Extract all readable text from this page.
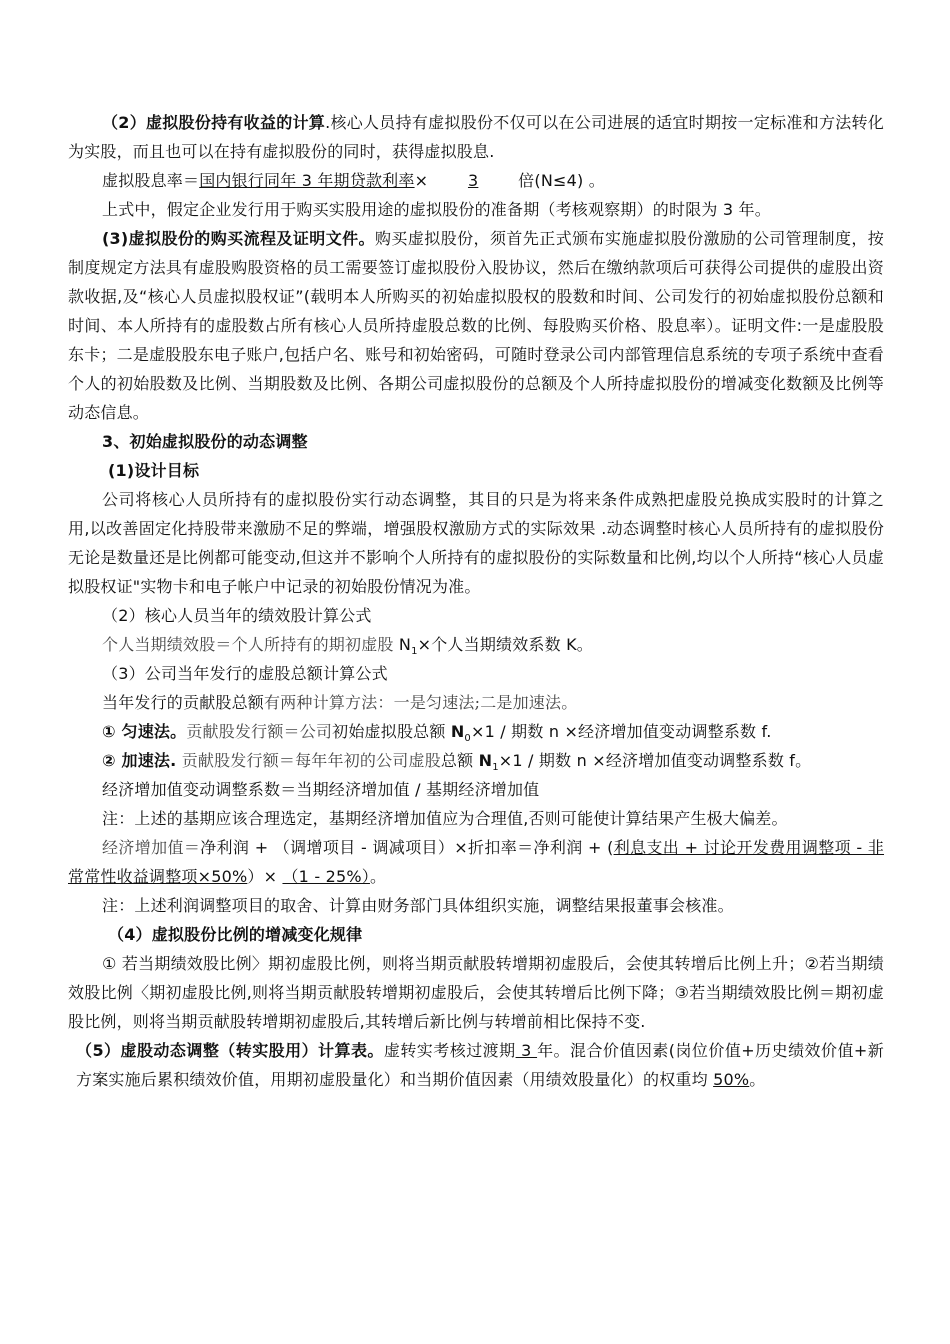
（2）虚拟股份持有收益的计算.核心人员持有虚拟股份不仅可以在公司进展的适宜时期按一定标准和方法转化为实股，而且也可以在持有虚拟股份的同时，获得虚拟股息.

虚拟股息率＝国内银行同年 3 年期贷款利率× 3 倍(N≤4) 。

上式中，假定企业发行用于购买实股用途的虚拟股份的准备期（考核观察期）的时限为 3 年。

(3)虚拟股份的购买流程及证明文件。购买虚拟股份，须首先正式颁布实施虚拟股份激励的公司管理制度，按制度规定方法具有虚股购股资格的员工需要签订虚拟股份入股协议，然后在缴纳款项后可获得公司提供的虚股出资款收据,及“核心人员虚拟股权证”(载明本人所购买的初始虚拟股权的股数和时间、公司发行的初始虚拟股份总额和时间、本人所持有的虚股数占所有核心人员所持虚股总数的比例、每股购买价格、股息率）。证明文件:一是虚股股东卡；二是虚股股东电子账户,包括户名、账号和初始密码，可随时登录公司内部管理信息系统的专项子系统中查看个人的初始股数及比例、当期股数及比例、各期公司虚拟股份的总额及个人所持虚拟股份的增减变化数额及比例等动态信息。

3、初始虚拟股份的动态调整

(1)设计目标

公司将核心人员所持有的虚拟股份实行动态调整，其目的只是为将来条件成熟把虚股兑换成实股时的计算之用,以改善固定化持股带来激励不足的弊端，增强股权激励方式的实际效果 .动态调整时核心人员所持有的虚拟股份无论是数量还是比例都可能变动,但这并不影响个人所持有的虚拟股份的实际数量和比例,均以个人所持“核心人员虚拟股权证"实物卡和电子帐户中记录的初始股份情况为准。

（2）核心人员当年的绩效股计算公式

个人当期绩效股＝个人所持有的期初虚股 $N_1\times$个人当期绩效系数 K。

（3）公司当年发行的虚股总额计算公式

当年发行的贡献股总额有两种计算方法：一是匀速法;二是加速法。

① 匀速法。贡献股发行额＝公司初始虚拟股总额 $N_0\times 1$ / 期数 n ×经济增加值变动调整系数 f.

② 加速法. 贡献股发行额＝每年年初的公司虚股总额 $N_1\times 1$ / 期数 n ×经济增加值变动调整系数 f。

经济增加值变动调整系数＝当期经济增加值 / 基期经济增加值

注：上述的基期应该合理选定，基期经济增加值应为合理值,否则可能使计算结果产生极大偏差。

经济增加值＝净利润 + （调增项目 - 调减项目）×折扣率＝净利润 + (利息支出 + 讨论开发费用调整项 - 非常常性收益调整项×50%）× （1 - 25%）。

注：上述利润调整项目的取舍、计算由财务部门具体组织实施，调整结果报董事会核准。

（4）虚拟股份比例的增减变化规律

① 若当期绩效股比例〉期初虚股比例，则将当期贡献股转增期初虚股后，会使其转增后比例上升；②若当期绩效股比例〈期初虚股比例,则将当期贡献股转增期初虚股后，会使其转增后比例下降；③若当期绩效股比例＝期初虚股比例，则将当期贡献股转增期初虚股后,其转增后新比例与转增前相比保持不变.

（5）虚股动态调整（转实股用）计算表。虚转实考核过渡期 3 年。混合价值因素(岗位价值+历史绩效价值+新方案实施后累积绩效价值，用期初虚股量化）和当期价值因素（用绩效股量化）的权重均 50%。
